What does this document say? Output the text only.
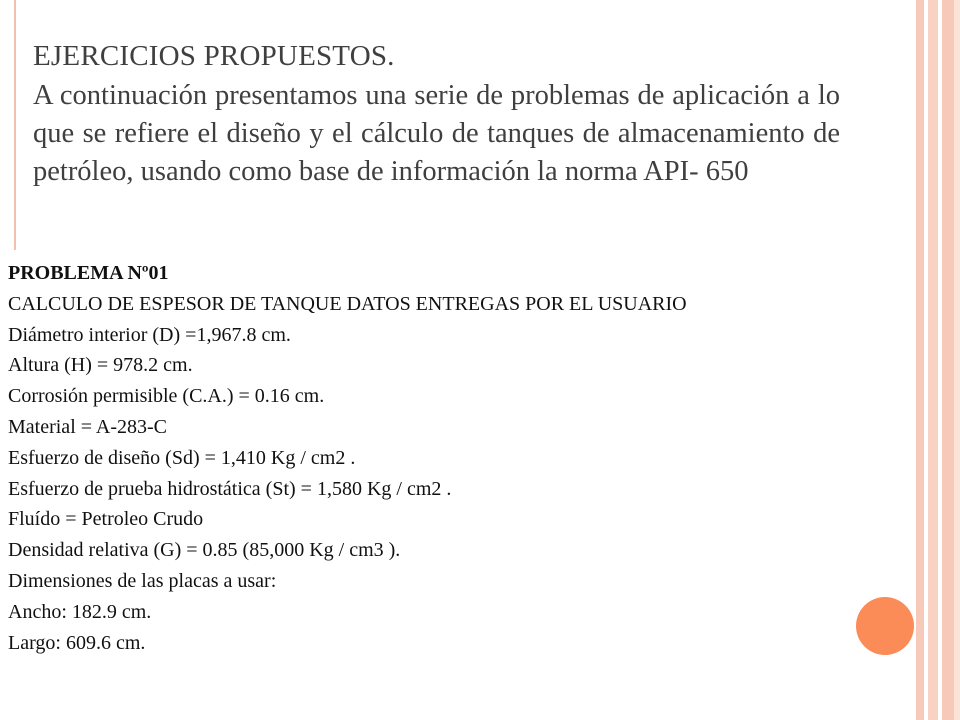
EJERCICIOS PROPUESTOS.
A continuación presentamos una serie de problemas de aplicación a lo que se refiere el diseño y el cálculo de tanques de almacenamiento de petróleo, usando como base de información la norma API- 650
PROBLEMA Nº01
CALCULO DE ESPESOR DE TANQUE DATOS ENTREGAS POR EL USUARIO
Diámetro interior (D) =1,967.8 cm.
Altura (H) = 978.2 cm.
Corrosión permisible (C.A.) = 0.16 cm.
Material = A-283-C
Esfuerzo de diseño (Sd) = 1,410 Kg / cm2 .
Esfuerzo de prueba hidrostática (St) = 1,580 Kg / cm2 .
Fluído = Petroleo Crudo
Densidad relativa (G) = 0.85 (85,000 Kg / cm3 ).
Dimensiones de las placas a usar:
Ancho: 182.9 cm.
Largo: 609.6 cm.
